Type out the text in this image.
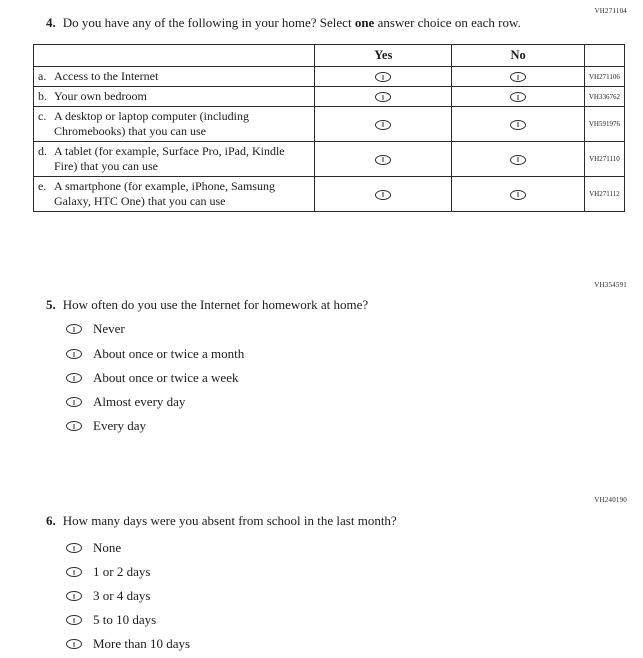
VH271104
4. Do you have any of the following in your home? Select one answer choice on each row.
	Yes	No	
a. Access to the Internet			VH271106
b. Your own bedroom			VH336762
c. A desktop or laptop computer (including Chromebooks) that you can use			VH591976
d. A tablet (for example, Surface Pro, iPad, Kindle Fire) that you can use			VH271110
e. A smartphone (for example, iPhone, Samsung Galaxy, HTC One) that you can use			VH271112
VH354591
5. How often do you use the Internet for homework at home?
Never
About once or twice a month
About once or twice a week
Almost every day
Every day
VH240190
6. How many days were you absent from school in the last month?
None
1 or 2 days
3 or 4 days
5 to 10 days
More than 10 days
